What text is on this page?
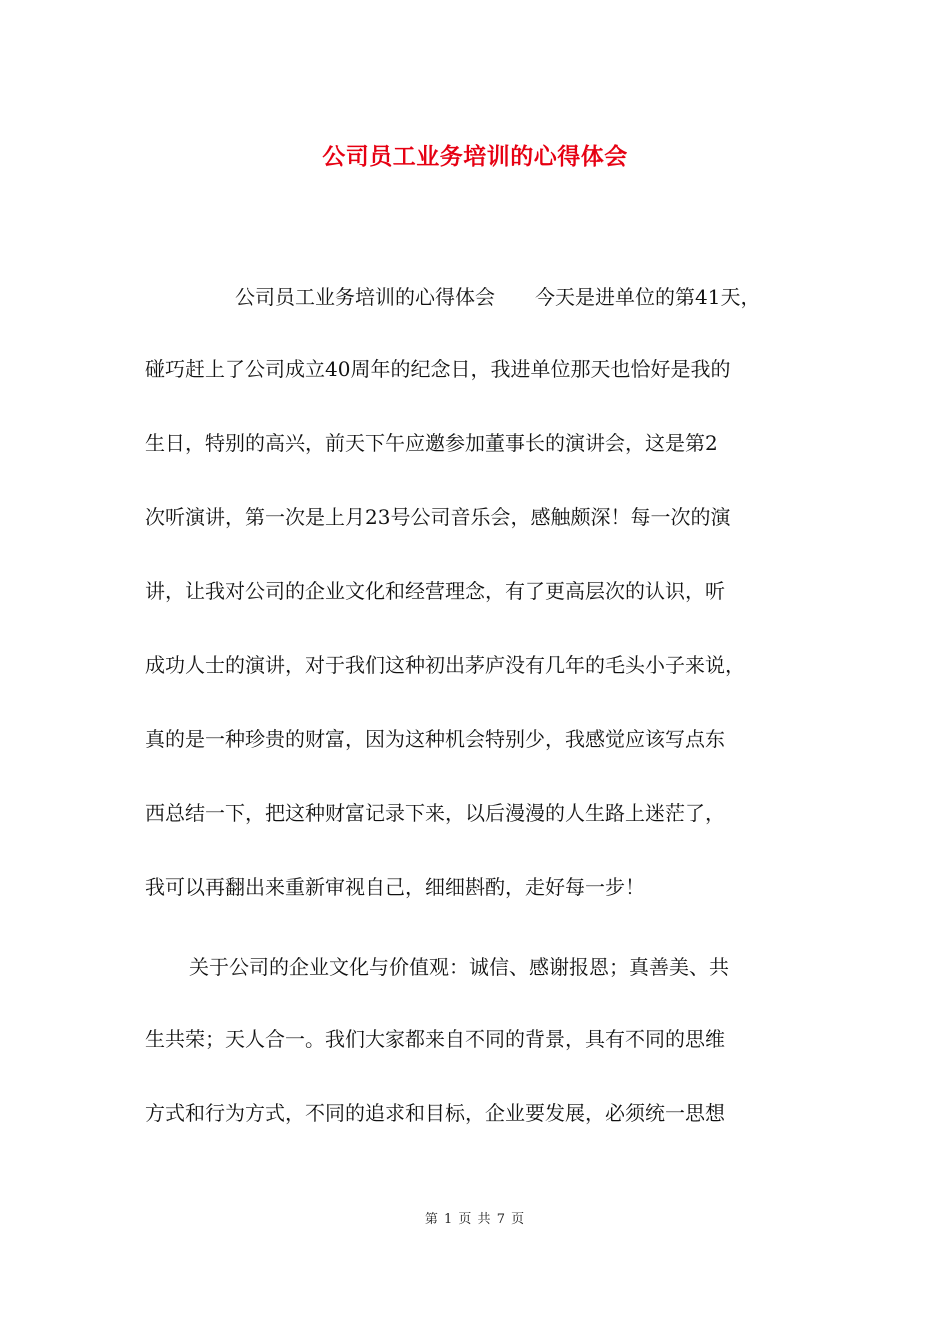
公司员工业务培训的心得体会
公司员工业务培训的心得体会　　今天是进单位的第41天，
碰巧赶上了公司成立40周年的纪念日，我进单位那天也恰好是我的
生日，特别的高兴，前天下午应邀参加董事长的演讲会，这是第2
次听演讲，第一次是上月23号公司音乐会，感触颇深！每一次的演
讲，让我对公司的企业文化和经营理念，有了更高层次的认识，听
成功人士的演讲，对于我们这种初出茅庐没有几年的毛头小子来说，
真的是一种珍贵的财富，因为这种机会特别少，我感觉应该写点东
西总结一下，把这种财富记录下来，以后漫漫的人生路上迷茫了，
我可以再翻出来重新审视自己，细细斟酌，走好每一步！
关于公司的企业文化与价值观：诚信、感谢报恩；真善美、共
生共荣；天人合一。我们大家都来自不同的背景，具有不同的思维
方式和行为方式，不同的追求和目标，企业要发展，必须统一思想
第 1 页 共 7 页
